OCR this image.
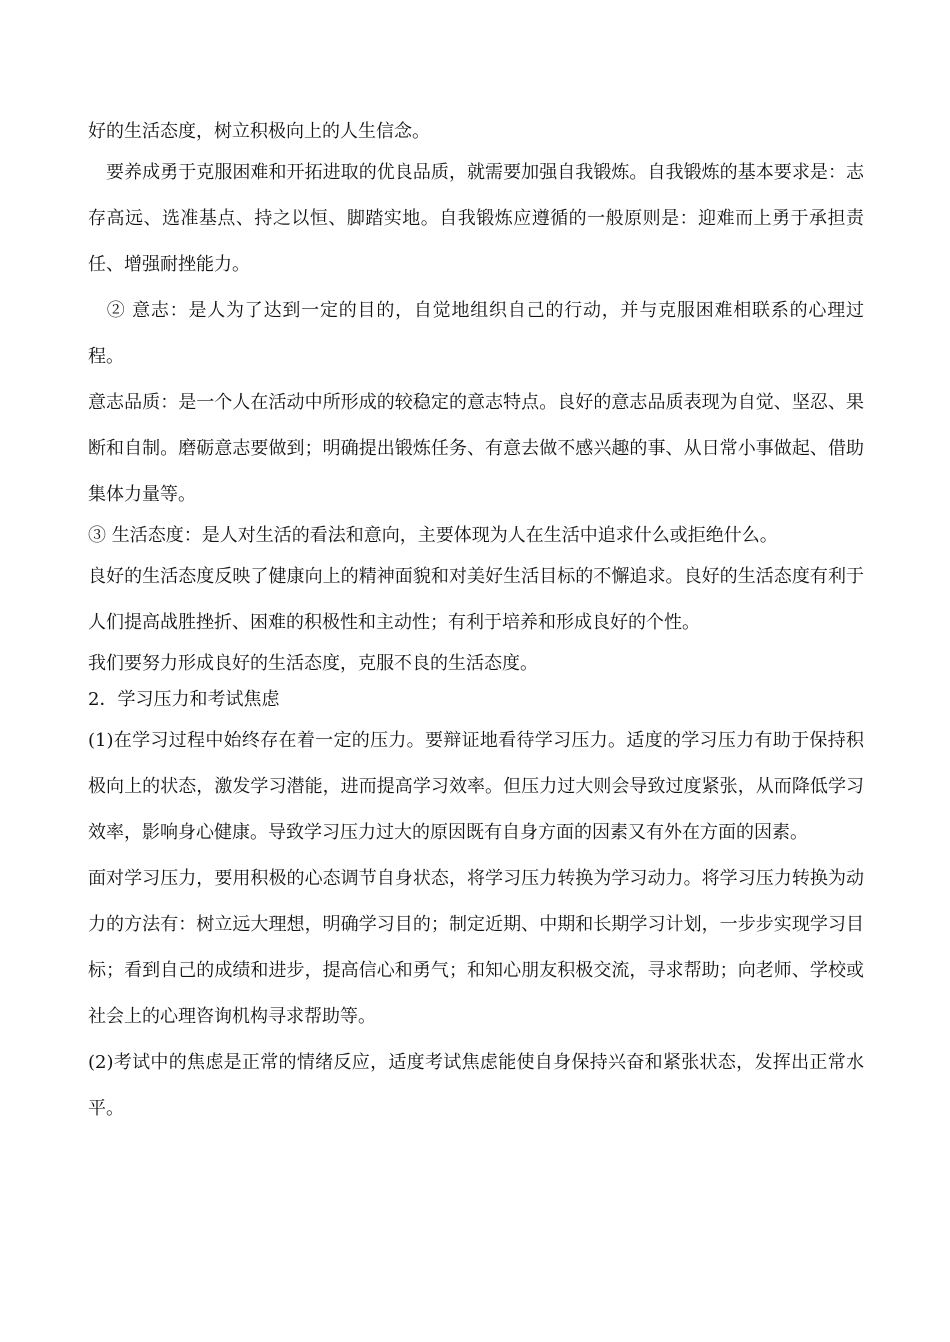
好的生活态度，树立积极向上的人生信念。

　要养成勇于克服困难和开拓进取的优良品质，就需要加强自我锻炼。自我锻炼的基本要求是：志存高远、选准基点、持之以恒、脚踏实地。自我锻炼应遵循的一般原则是：迎难而上勇于承担责任、增强耐挫能力。

　② 意志：是人为了达到一定的目的，自觉地组织自己的行动，并与克服困难相联系的心理过程。

意志品质：是一个人在活动中所形成的较稳定的意志特点。良好的意志品质表现为自觉、坚忍、果断和自制。磨砺意志要做到；明确提出锻炼任务、有意去做不感兴趣的事、从日常小事做起、借助集体力量等。

③ 生活态度：是人对生活的看法和意向，主要体现为人在生活中追求什么或拒绝什么。

良好的生活态度反映了健康向上的精神面貌和对美好生活目标的不懈追求。良好的生活态度有利于人们提高战胜挫折、困难的积极性和主动性；有利于培养和形成良好的个性。

我们要努力形成良好的生活态度，克服不良的生活态度。

2．学习压力和考试焦虑

(1)在学习过程中始终存在着一定的压力。要辩证地看待学习压力。适度的学习压力有助于保持积极向上的状态，激发学习潜能，进而提高学习效率。但压力过大则会导致过度紧张，从而降低学习效率，影响身心健康。导致学习压力过大的原因既有自身方面的因素又有外在方面的因素。

面对学习压力，要用积极的心态调节自身状态，将学习压力转换为学习动力。将学习压力转换为动力的方法有：树立远大理想，明确学习目的；制定近期、中期和长期学习计划，一步步实现学习目标；看到自己的成绩和进步，提高信心和勇气；和知心朋友积极交流，寻求帮助；向老师、学校或社会上的心理咨询机构寻求帮助等。

(2)考试中的焦虑是正常的情绪反应，适度考试焦虑能使自身保持兴奋和紧张状态，发挥出正常水平。
